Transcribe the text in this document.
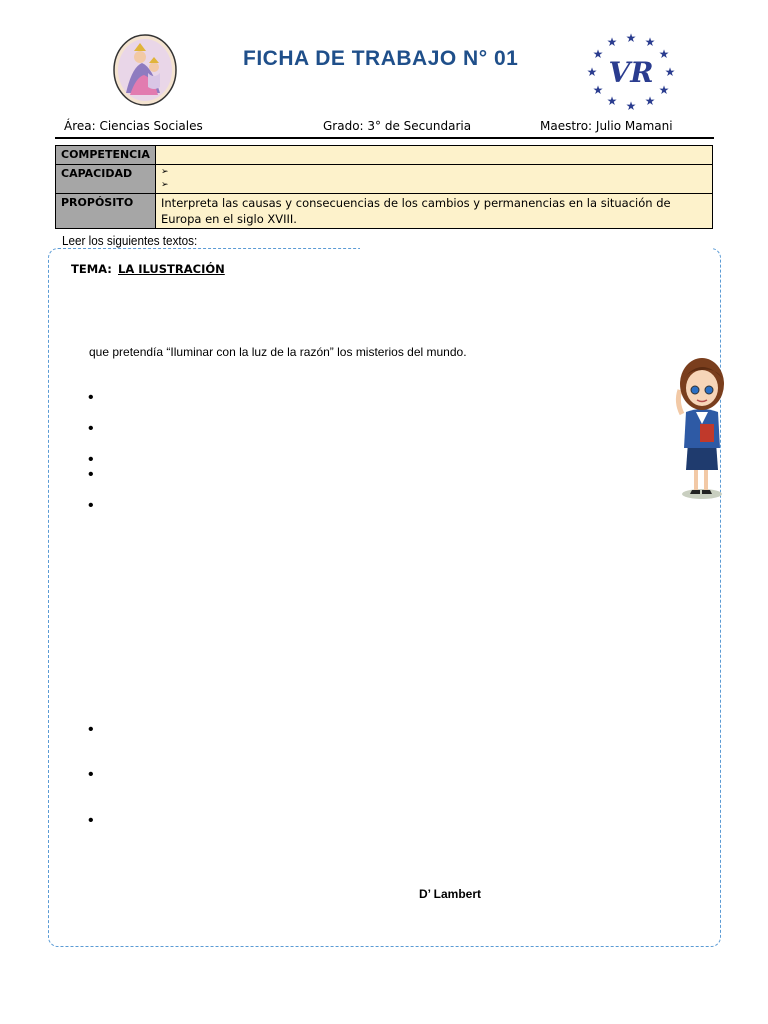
FICHA DE TRABAJO N° 01
★ ★
★
★
★
★
★
★
★
★
★ ★
VR
Área: Ciencias Sociales	Grado: 3° de Secundaria	Maestro: Julio Mamani
COMPETENCIA	
CAPACIDAD	➢
➢

PROPÓSITO	Interpreta las causas y consecuencias de los cambios y permanencias en la situación de Europa en el siglo XVIII.
Leer los siguientes textos:
TEMA: LA ILUSTRACIÓN
que pretendía “Iluminar con la luz de la razón” los misterios del mundo.
•
•
•
•
•
•
•
•
D’ Lambert
